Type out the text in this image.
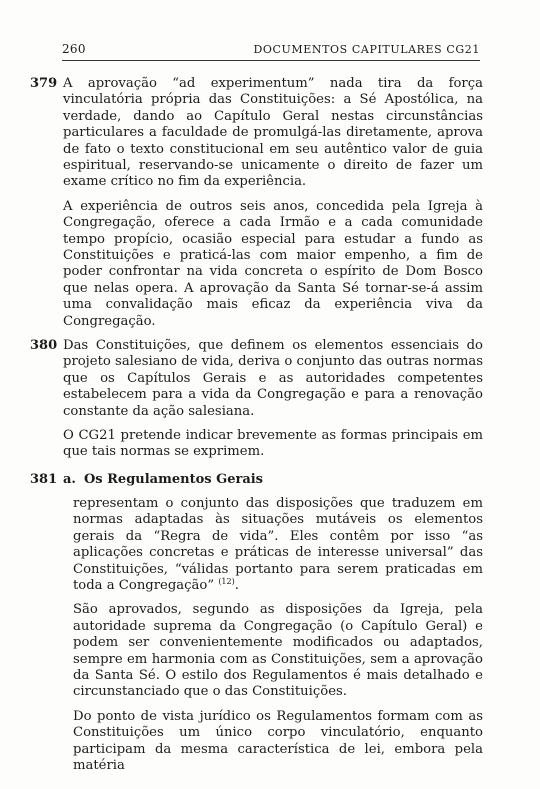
260	DOCUMENTOS CAPITULARES CG21
379 A aprovação “ad experimentum” nada tira da força vinculatória própria das Constituições: a Sé Apostólica, na verdade, dando ao Capítulo Geral nestas circunstâncias particulares a faculdade de promulgá-las diretamente, aprova de fato o texto constitucional em seu autêntico valor de guia espiritual, reservando-se unicamente o direito de fazer um exame crítico no fim da experiência.

A experiência de outros seis anos, concedida pela Igreja à Congregação, oferece a cada Irmão e a cada comunidade tempo propício, ocasião especial para estudar a fundo as Constituições e praticá-las com maior empenho, a fim de poder confrontar na vida concreta o espírito de Dom Bosco que nelas opera. A aprovação da Santa Sé tornar-se-á assim uma convalidação mais eficaz da experiência viva da Congregação.

380 Das Constituições, que definem os elementos essenciais do projeto salesiano de vida, deriva o conjunto das outras normas que os Capítulos Gerais e as autoridades competentes estabelecem para a vida da Congregação e para a renovação constante da ação salesiana.

O CG21 pretende indicar brevemente as formas principais em que tais normas se exprimem.

381 a. Os Regulamentos Gerais

representam o conjunto das disposições que traduzem em normas adaptadas às situações mutáveis os elementos gerais da “Regra de vida”. Eles contêm por isso “as aplicações concretas e práticas de interesse universal” das Constituições, “válidas portanto para serem praticadas em toda a Congregação” $^{(12)}$.

São aprovados, segundo as disposições da Igreja, pela autoridade suprema da Congregação (o Capítulo Geral) e podem ser convenientemente modificados ou adaptados, sempre em harmonia com as Constituições, sem a aprovação da Santa Sé. O estilo dos Regulamentos é mais detalhado e circunstanciado que o das Constituições.

Do ponto de vista jurídico os Regulamentos formam com as Constituições um único corpo vinculatório, enquanto participam da mesma característica de lei, embora pela matéria
